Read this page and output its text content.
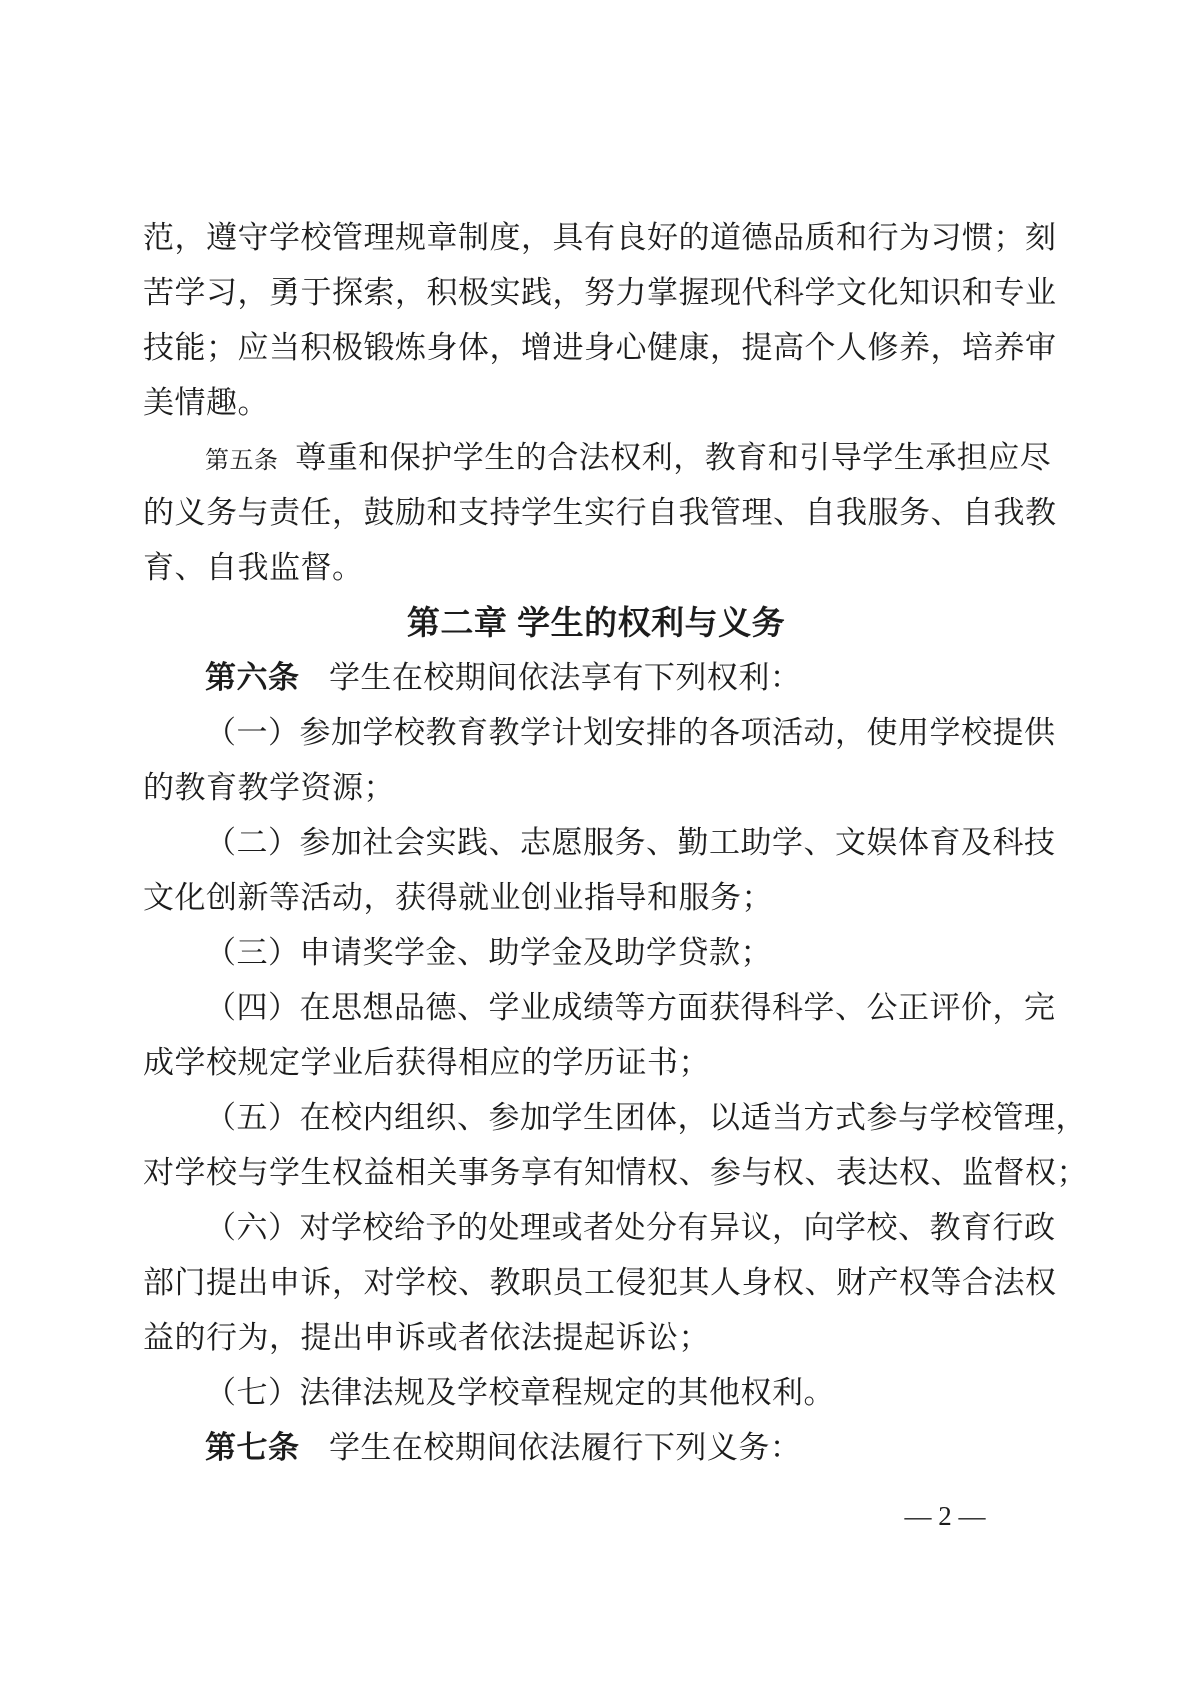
范，遵守学校管理规章制度，具有良好的道德品质和行为习惯；刻
苦学习，勇于探索，积极实践，努力掌握现代科学文化知识和专业
技能；应当积极锻炼身体，增进身心健康，提高个人修养，培养审
美情趣。
第五条 尊重和保护学生的合法权利，教育和引导学生承担应尽
的义务与责任，鼓励和支持学生实行自我管理、自我服务、自我教
育、自我监督。
第二章 学生的权利与义务
第六条 学生在校期间依法享有下列权利：
（一）参加学校教育教学计划安排的各项活动，使用学校提供
的教育教学资源；
（二）参加社会实践、志愿服务、勤工助学、文娱体育及科技
文化创新等活动，获得就业创业指导和服务；
（三）申请奖学金、助学金及助学贷款；
（四）在思想品德、学业成绩等方面获得科学、公正评价，完
成学校规定学业后获得相应的学历证书；
（五）在校内组织、参加学生团体，以适当方式参与学校管理，
对学校与学生权益相关事务享有知情权、参与权、表达权、监督权；
（六）对学校给予的处理或者处分有异议，向学校、教育行政
部门提出申诉，对学校、教职员工侵犯其人身权、财产权等合法权
益的行为，提出申诉或者依法提起诉讼；
（七）法律法规及学校章程规定的其他权利。
第七条 学生在校期间依法履行下列义务：
— 2 —
